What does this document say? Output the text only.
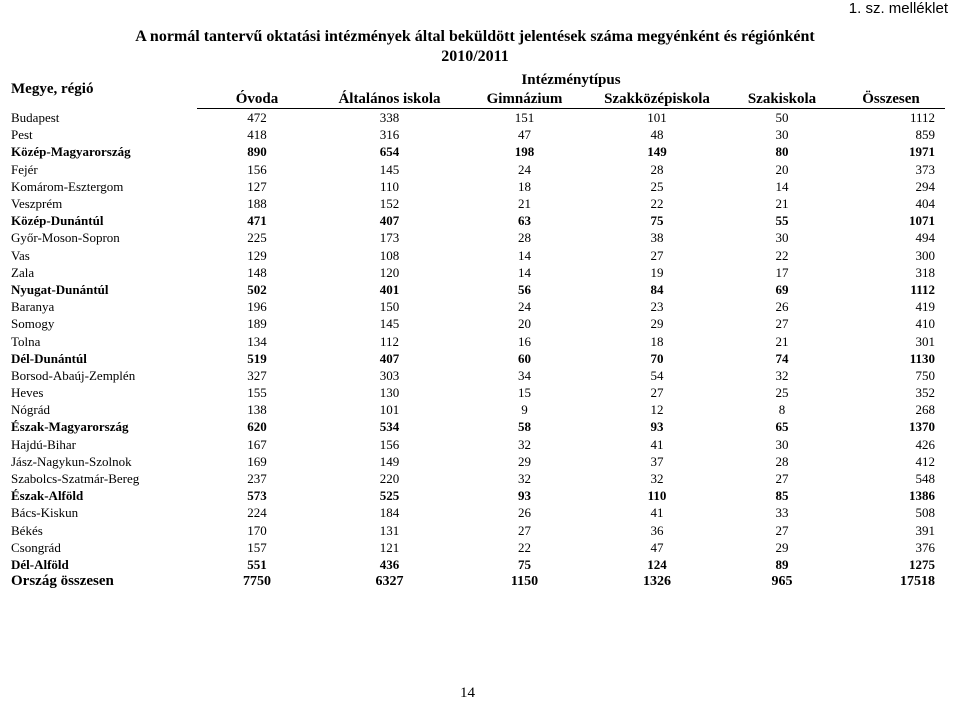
1. sz. melléklet
A normál tantervű oktatási intézmények által beküldött jelentések száma megyénként és régiónként
2010/2011
Megye, régió	Intézménytípus					
	Óvoda	Általános iskola	Gimnázium	Szakközépiskola	Szakiskola	Összesen
Budapest	472	338	151	101	50	1112
Pest	418	316	47	48	30	859
Közép-Magyarország	890	654	198	149	80	1971
Fejér	156	145	24	28	20	373
Komárom-Esztergom	127	110	18	25	14	294
Veszprém	188	152	21	22	21	404
Közép-Dunántúl	471	407	63	75	55	1071
Győr-Moson-Sopron	225	173	28	38	30	494
Vas	129	108	14	27	22	300
Zala	148	120	14	19	17	318
Nyugat-Dunántúl	502	401	56	84	69	1112
Baranya	196	150	24	23	26	419
Somogy	189	145	20	29	27	410
Tolna	134	112	16	18	21	301
Dél-Dunántúl	519	407	60	70	74	1130
Borsod-Abaúj-Zemplén	327	303	34	54	32	750
Heves	155	130	15	27	25	352
Nógrád	138	101	9	12	8	268
Észak-Magyarország	620	534	58	93	65	1370
Hajdú-Bihar	167	156	32	41	30	426
Jász-Nagykun-Szolnok	169	149	29	37	28	412
Szabolcs-Szatmár-Bereg	237	220	32	32	27	548
Észak-Alföld	573	525	93	110	85	1386
Bács-Kiskun	224	184	26	41	33	508
Békés	170	131	27	36	27	391
Csongrád	157	121	22	47	29	376
Dél-Alföld	551	436	75	124	89	1275
Ország összesen	7750	6327	1150	1326	965	17518
14
